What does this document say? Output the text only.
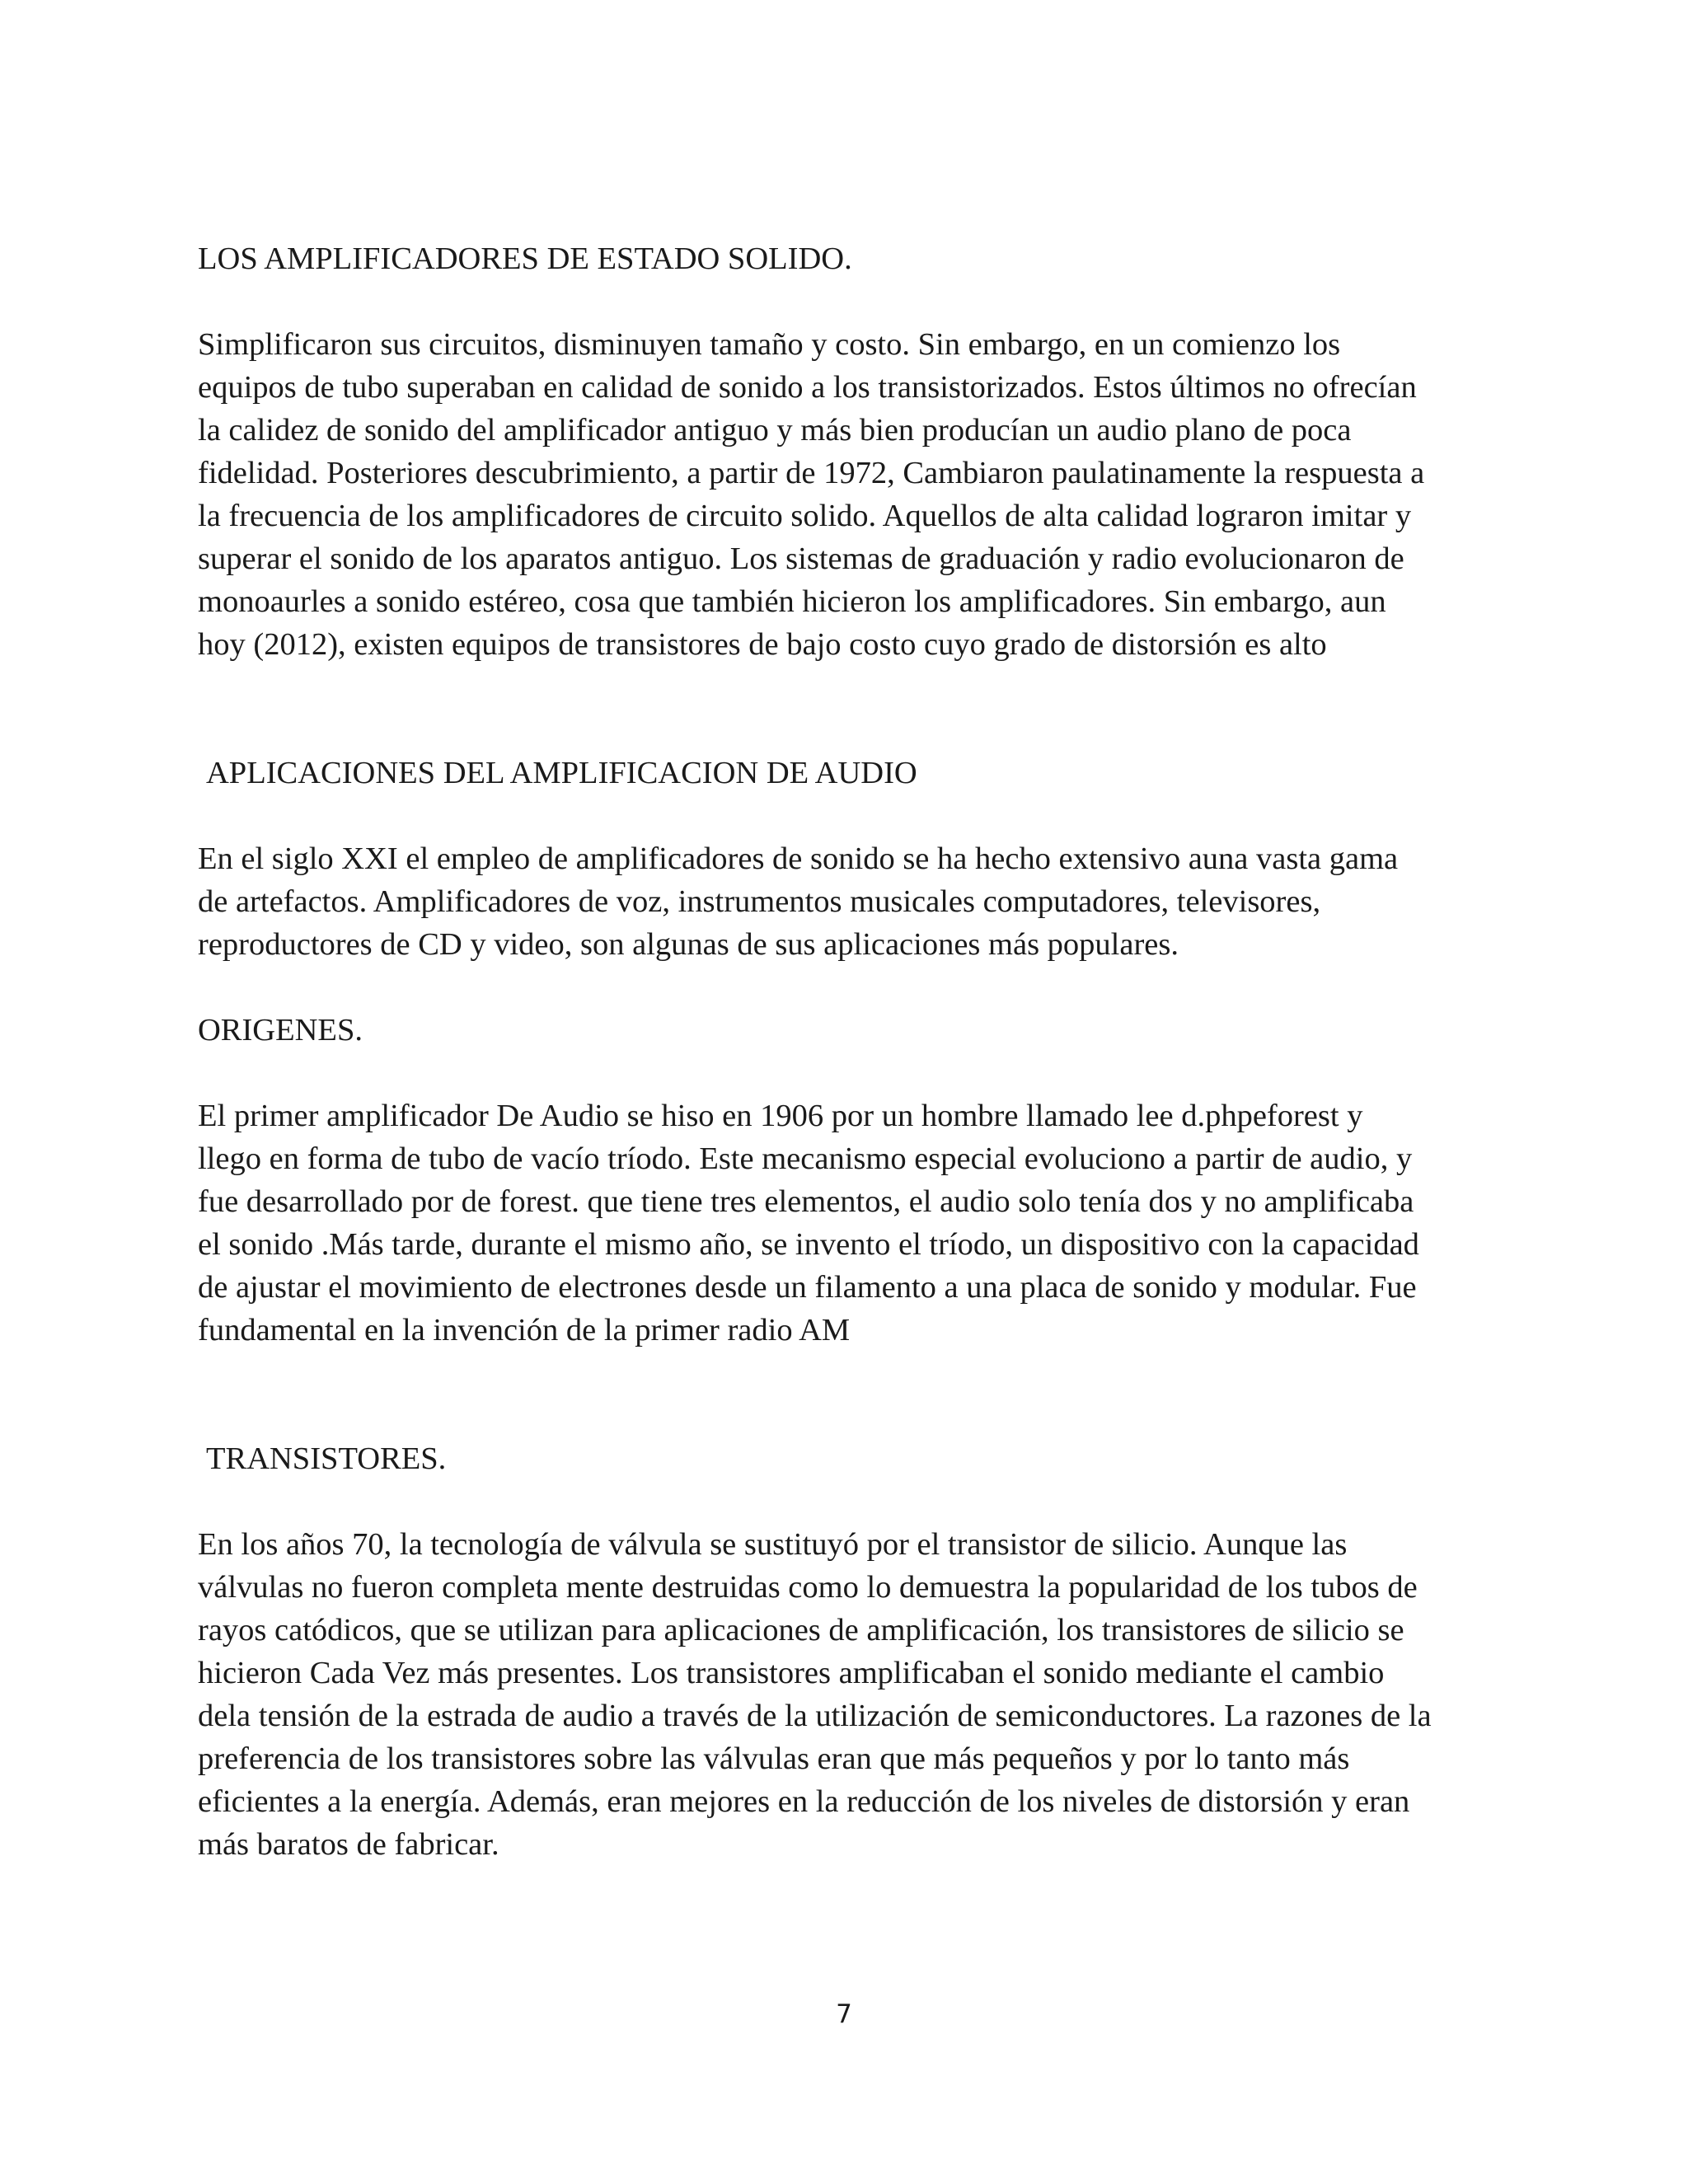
LOS AMPLIFICADORES DE ESTADO SOLIDO.

Simplificaron sus circuitos, disminuyen tamaño y costo. Sin embargo, en un comienzo los
equipos de tubo superaban en calidad de sonido a los transistorizados. Estos últimos no ofrecían
la calidez de sonido del amplificador antiguo y más bien producían un audio plano de poca
fidelidad. Posteriores descubrimiento, a partir de 1972, Cambiaron paulatinamente la respuesta a
la frecuencia de los amplificadores de circuito solido. Aquellos de alta calidad lograron imitar y
superar el sonido de los aparatos antiguo. Los sistemas de graduación y radio evolucionaron de
monoaurles a sonido estéreo, cosa que también hicieron los amplificadores. Sin embargo, aun
hoy (2012), existen equipos de transistores de bajo costo cuyo grado de distorsión es alto

APLICACIONES DEL AMPLIFICACION DE AUDIO

En el siglo XXI el empleo de amplificadores de sonido se ha hecho extensivo auna vasta gama
de artefactos. Amplificadores de voz, instrumentos musicales computadores, televisores,
reproductores de CD y video, son algunas de sus aplicaciones más populares.

ORIGENES.

El primer amplificador De Audio se hiso en 1906 por un hombre llamado lee d.phpeforest y
llego en forma de tubo de vacío tríodo. Este mecanismo especial evoluciono a partir de audio, y
fue desarrollado por de forest. que tiene tres elementos, el audio solo tenía dos y no amplificaba
el sonido .Más tarde, durante el mismo año, se invento el tríodo, un dispositivo con la capacidad
de ajustar el movimiento de electrones desde un filamento a una placa de sonido y modular. Fue
fundamental en la invención de la primer radio AM

TRANSISTORES.

En los años 70, la tecnología de válvula se sustituyó por el transistor de silicio. Aunque las
válvulas no fueron completa mente destruidas como lo demuestra la popularidad de los tubos de
rayos catódicos, que se utilizan para aplicaciones de amplificación, los transistores de silicio se
hicieron Cada Vez más presentes. Los transistores amplificaban el sonido mediante el cambio
dela tensión de la estrada de audio a través de la utilización de semiconductores. La razones de la
preferencia de los transistores sobre las válvulas eran que más pequeños y por lo tanto más
eficientes a la energía. Además, eran mejores en la reducción de los niveles de distorsión y eran
más baratos de fabricar.

7
